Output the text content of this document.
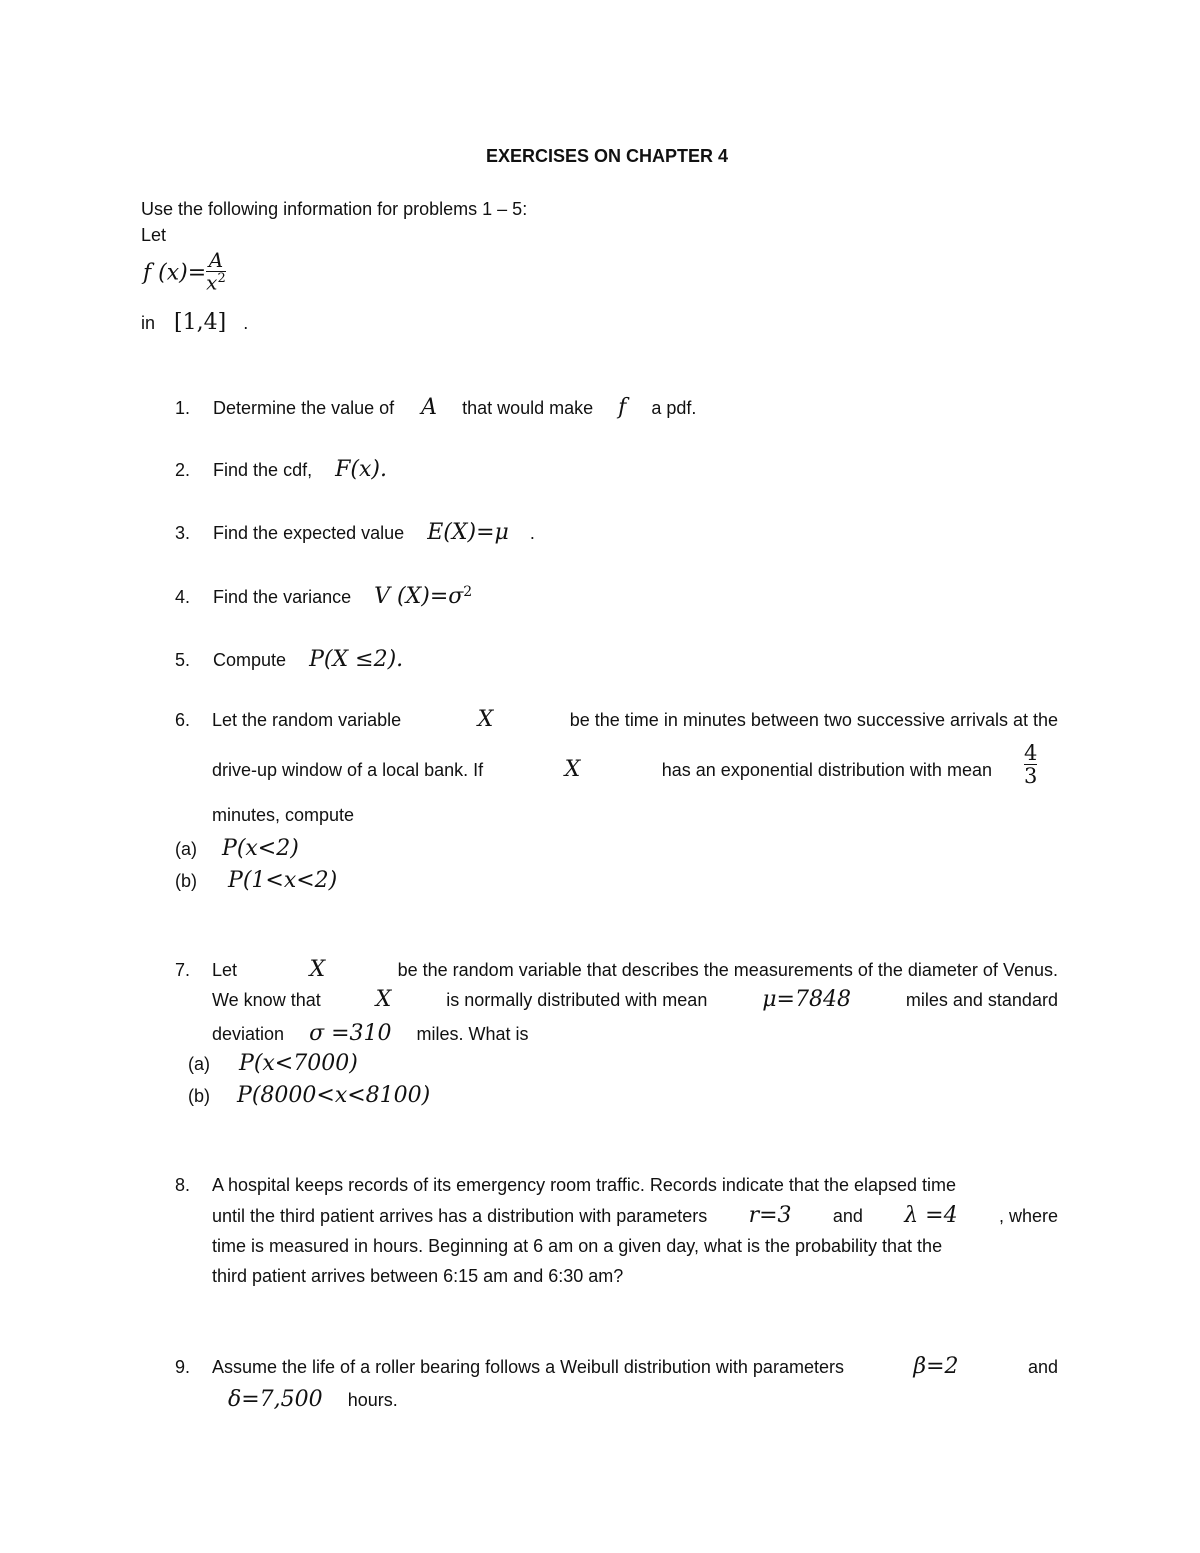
EXERCISES ON CHAPTER 4
Use the following information for problems 1 – 5:
Let
f $(x)= \frac{A}{x^2}$
in [1,4] .
1. Determine the value of A that would make f a pdf.
2. Find the cdf, F(x).
3. Find the expected value E(X)=μ .
4. Find the variance V $(X)=\sigma^2$
5. Compute P(X ≤2).
6. Let the random variable	X	be the time in minutes between two successive arrivals at the
drive-up window of a local bank. If	X	has an exponential distribution with mean $\frac{4}{3}$
minutes, compute
(a) P(x<2)
(b) P(1<x<2)
7. Let	X	be the random variable that describes the measurements of the diameter of Venus.
We know that X	is normally distributed with mean μ=7848	miles and standard
deviation σ =310 miles. What is
(a) P(x<7000)
(b) P(8000<x<8100)
8. A hospital keeps records of its emergency room traffic. Records indicate that the elapsed time
until the third patient arrives has a distribution with parameters r=3 and λ =4 , where
time is measured in hours. Beginning at 6 am on a given day, what is the probability that the
third patient arrives between 6:15 am and 6:30 am?
9. Assume the life of a roller bearing follows a Weibull distribution with parameters	β=2	and
δ=7,500 hours.
